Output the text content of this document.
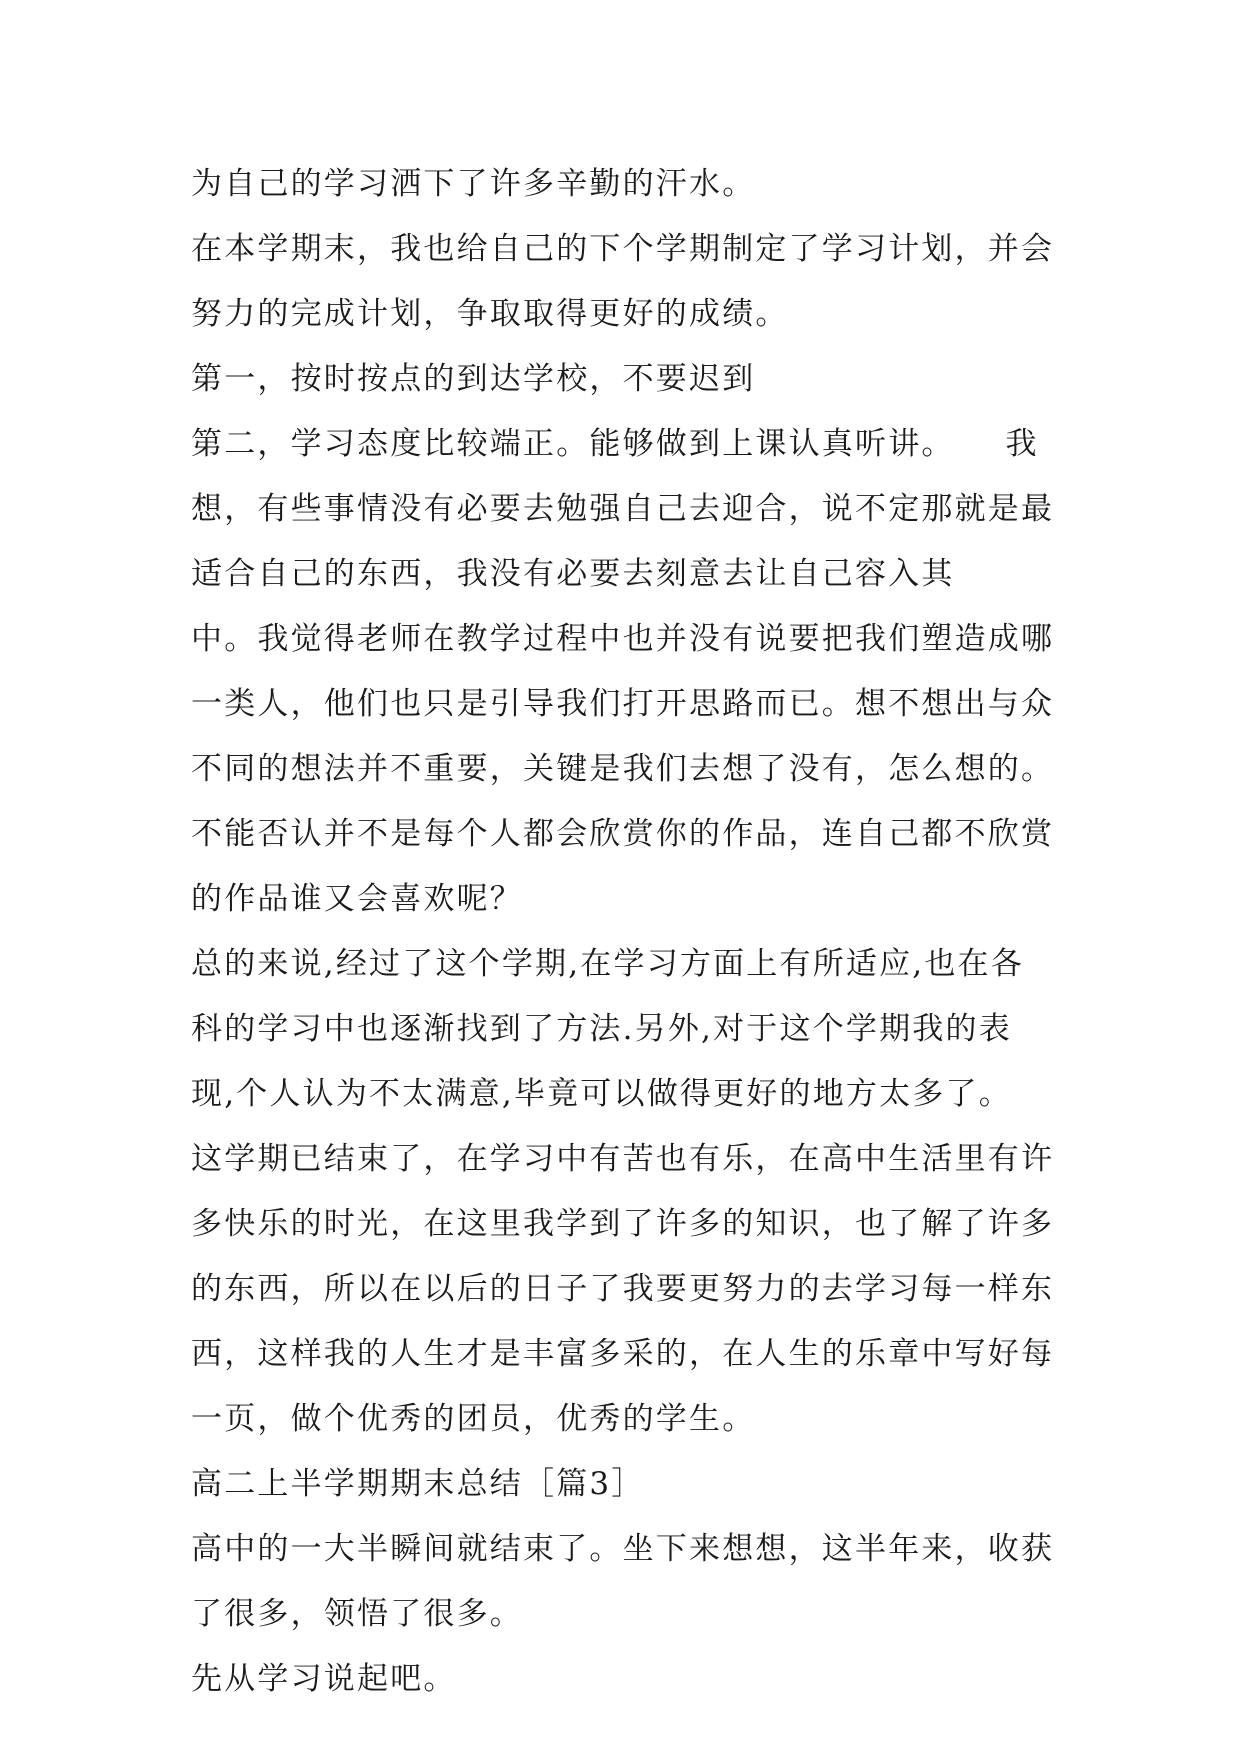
为自己的学习洒下了许多辛勤的汗水。
在本学期末，我也给自己的下个学期制定了学习计划，并会
努力的完成计划，争取取得更好的成绩。
第一，按时按点的到达学校，不要迟到
第二，学习态度比较端正。能够做到上课认真听讲。　　我
想，有些事情没有必要去勉强自己去迎合，说不定那就是最
适合自己的东西，我没有必要去刻意去让自己容入其
中。我觉得老师在教学过程中也并没有说要把我们塑造成哪
一类人，他们也只是引导我们打开思路而已。想不想出与众
不同的想法并不重要，关键是我们去想了没有，怎么想的。
不能否认并不是每个人都会欣赏你的作品，连自己都不欣赏
的作品谁又会喜欢呢？
总的来说,经过了这个学期,在学习方面上有所适应,也在各
科的学习中也逐渐找到了方法.另外,对于这个学期我的表
现,个人认为不太满意,毕竟可以做得更好的地方太多了。
这学期已结束了，在学习中有苦也有乐，在高中生活里有许
多快乐的时光，在这里我学到了许多的知识，也了解了许多
的东西，所以在以后的日子了我要更努力的去学习每一样东
西，这样我的人生才是丰富多采的，在人生的乐章中写好每
一页，做个优秀的团员，优秀的学生。
高二上半学期期末总结［篇3］
高中的一大半瞬间就结束了。坐下来想想，这半年来，收获
了很多，领悟了很多。
先从学习说起吧。
